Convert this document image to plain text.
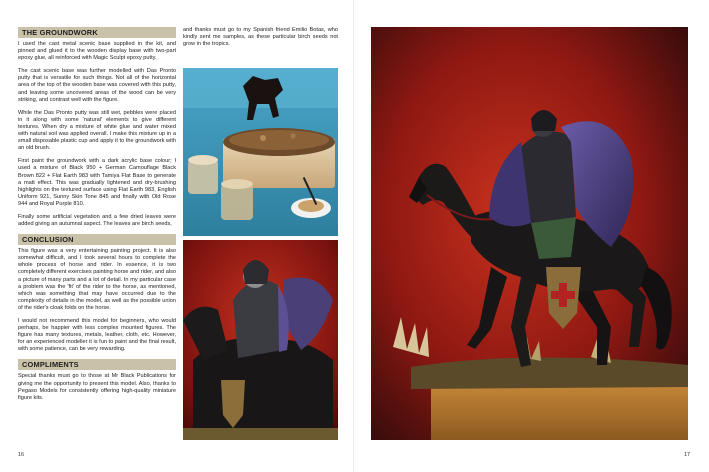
THE GROUNDWORK

I used the cast metal scenic base supplied in the kit, and pinned and glued it to the wooden display base with two-part epoxy glue, all reinforced with Magic Sculpt epoxy putty.

The cast scenic base was further modelled with Das Pronto putty that is versatile for such things. Not all of the horizontal area of the top of the wooden base was covered with this putty, and leaving some uncovered areas of the wood can be very striking, and contrast well with the figure.

While the Das Pronto putty was still wet, pebbles were placed in it along with some 'natural' elements to give different textures. When dry a mixture of white glue and water mixed with natural soil was applied overall. I make this mixture up in a small disposable plastic cup and apply it to the groundwork with an old brush.

First paint the groundwork with a dark acrylic base colour; I used a mixture of Black 950 + German Camouflage Black Brown 822 + Flat Earth 983 with Tamiya Flat Base to generate a matt effect. This was gradually lightened and dry-brushing highlights on the textured surface using Flat Earth 983, English Uniform 921, Sunny Skin Tone 845 and finally with Old Rose 944 and Royal Purple 810.

Finally some artificial vegetation and a few dried leaves were added giving an autumnal aspect. The leaves are birch seeds,

CONCLUSION

This figure was a very entertaining painting project. It is also somewhat difficult, and I took several hours to complete the whole process of horse and rider. In essence, it is two completely different exercises painting horse and rider, and also a picture of many parts and a lot of detail. In my particular case a problem was the 'fit' of the rider to the horse, as mentioned, which was something that may have occurred due to the complexity of details in the model, as well as the possible union of the rider's cloak folds on the horse.

I would not recommend this model for beginners, who would perhaps, be happier with less complex mounted figures. The figure has many textures, metals, leather, cloth, etc. However, for an experienced modeller it is fun to paint and the final result, with some patience, can be very rewarding.

COMPLIMENTS

Special thanks must go to those at Mr Black Publications for giving me the opportunity to present this model. Also, thanks to Pegaso Models for consistently offering high-quality miniature figure kits.

and thanks must go to my Spanish friend Emilio Botas, who kindly sent me samples, as these particular birch seeds not grow in the tropics.

16	17
